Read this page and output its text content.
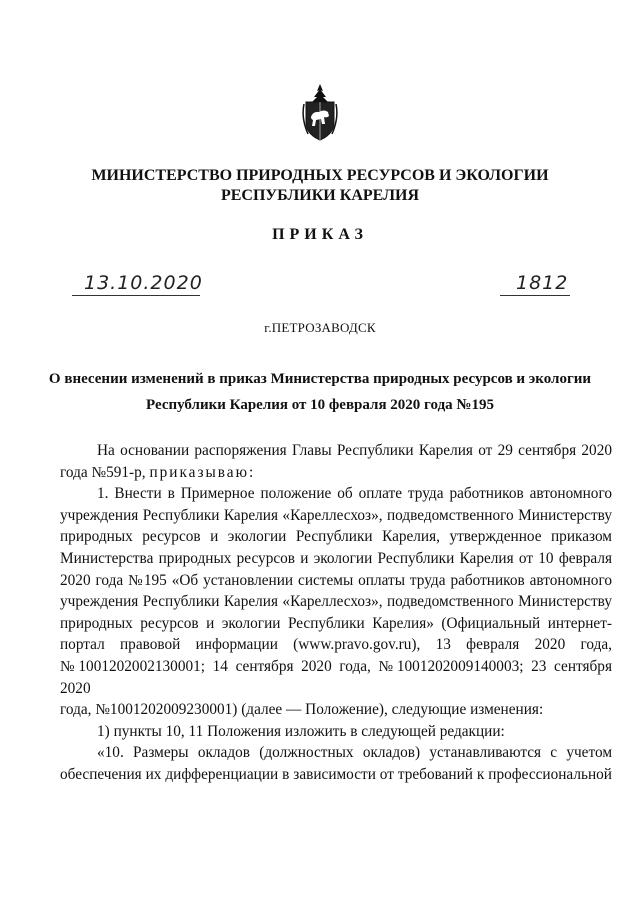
МИНИСТЕРСТВО ПРИРОДНЫХ РЕСУРСОВ И ЭКОЛОГИИ
РЕСПУБЛИКИ КАРЕЛИЯ
ПРИКАЗ
13.10.2020	1812
г.ПЕТРОЗАВОДСК
О внесении изменений в приказ Министерства природных ресурсов и экологии
Республики Карелия от 10 февраля 2020 года №195
На основании распоряжения Главы Республики Карелия от 29 сентября 2020
года №591-р, приказываю:
1. Внести в Примерное положение об оплате труда работников автономного
учреждения Республики Карелия «Кареллесхоз», подведомственного Министерству
природных ресурсов и экологии Республики Карелия, утвержденное приказом
Министерства природных ресурсов и экологии Республики Карелия от 10 февраля
2020 года №195 «Об установлении системы оплаты труда работников автономного
учреждения Республики Карелия «Кареллесхоз», подведомственного Министерству
природных ресурсов и экологии Республики Карелия» (Официальный интернет-
портал правовой информации (www.pravo.gov.ru), 13 февраля 2020 года,
№1001202002130001; 14 сентября 2020 года, №1001202009140003; 23 сентября 2020
года, №1001202009230001) (далее — Положение), следующие изменения:
1) пункты 10, 11 Положения изложить в следующей редакции:
«10. Размеры окладов (должностных окладов) устанавливаются с учетом
обеспечения их дифференциации в зависимости от требований к профессиональной
